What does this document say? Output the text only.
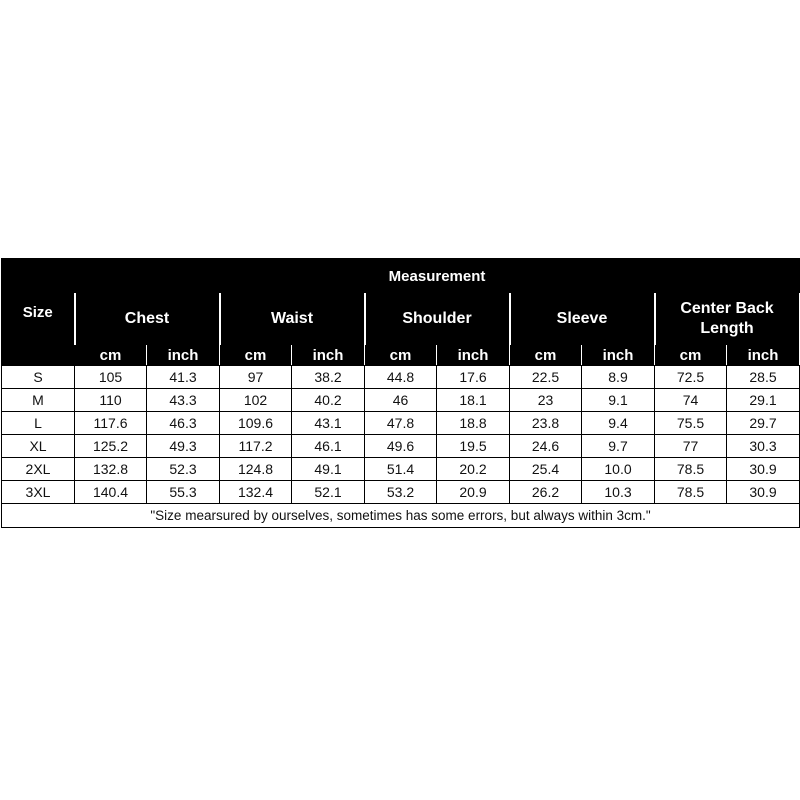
Size	Measurement									
	Chest		Waist		Shoulder		Sleeve		Center Back Length	
	cm	inch	cm	inch	cm	inch	cm	inch	cm	inch
S	105	41.3	97	38.2	44.8	17.6	22.5	8.9	72.5	28.5
M	110	43.3	102	40.2	46	18.1	23	9.1	74	29.1
L	117.6	46.3	109.6	43.1	47.8	18.8	23.8	9.4	75.5	29.7
XL	125.2	49.3	117.2	46.1	49.6	19.5	24.6	9.7	77	30.3
2XL	132.8	52.3	124.8	49.1	51.4	20.2	25.4	10.0	78.5	30.9
3XL	140.4	55.3	132.4	52.1	53.2	20.9	26.2	10.3	78.5	30.9
"Size mearsured by ourselves, sometimes has some errors, but always within 3cm."										
